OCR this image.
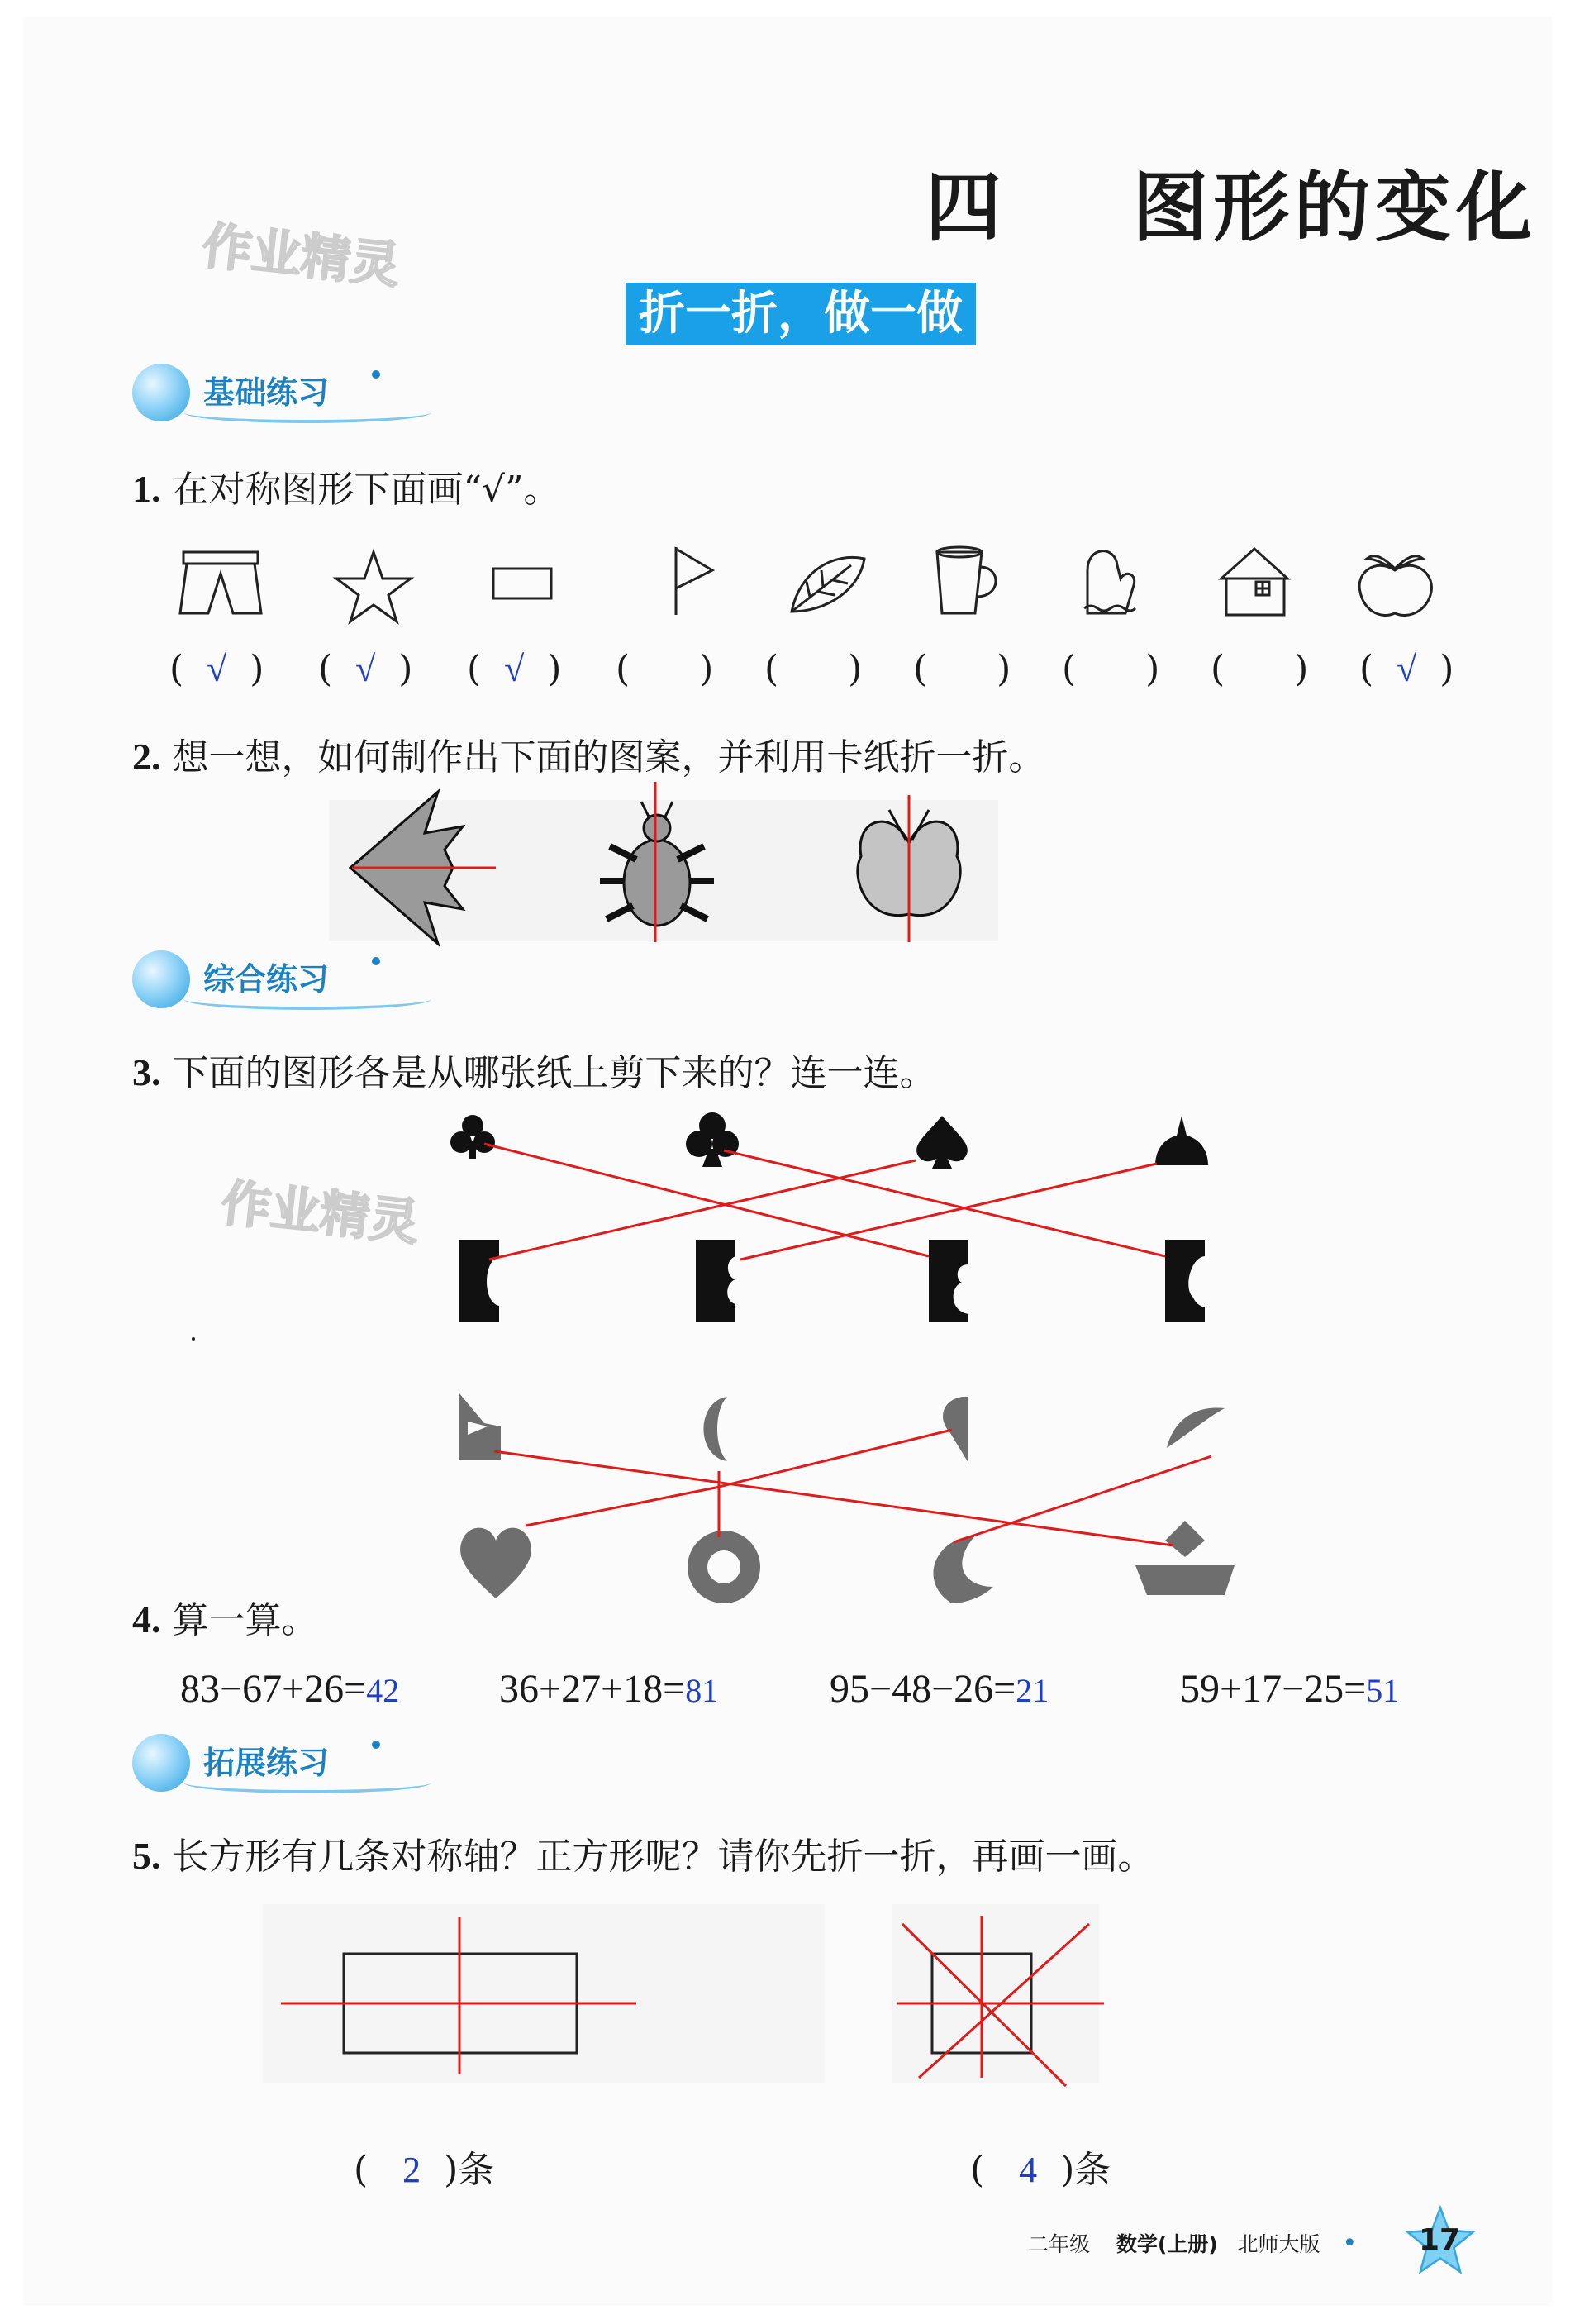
四    图形的变化
作业精灵
折一折，做一做
基础练习
1. 在对称图形下面画“√”。
(  √  ) (  √  ) (  √  ) (      ) (      ) (      ) (      ) (      ) (  √  )
2. 想一想，如何制作出下面的图案，并利用卡纸折一折。
综合练习
3. 下面的图形各是从哪张纸上剪下来的？连一连。
作业精灵
4. 算一算。
83−67+26=42	36+27+18=81	95−48−26=21	59+17−25=51
拓展练习
5. 长方形有几条对称轴？正方形呢？请你先折一折，再画一画。

( 2 )条	( 4 )条

二年级 数学(上册) 北师大版   • 17
